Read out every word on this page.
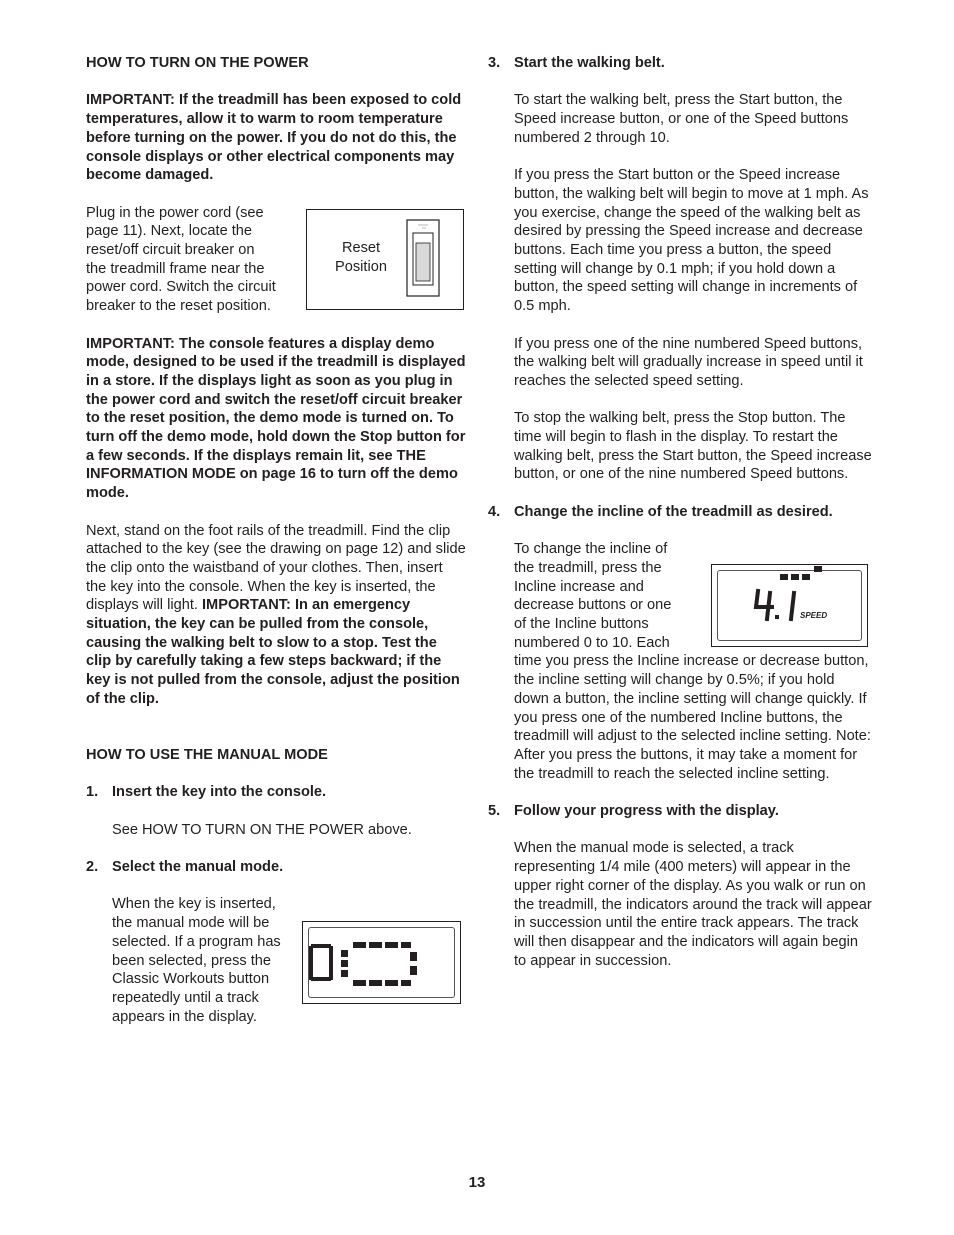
HOW TO TURN ON THE POWER

IMPORTANT: If the treadmill has been exposed to cold temperatures, allow it to warm to room temperature before turning on the power. If you do not do this, the console displays or other electrical components may become damaged.

Plug in the power cord (see page 11). Next, locate the reset/off circuit breaker on the treadmill frame near the power cord. Switch the circuit breaker to the reset position.

IMPORTANT: The console features a display demo mode, designed to be used if the treadmill is displayed in a store. If the displays light as soon as you plug in the power cord and switch the reset/off circuit breaker to the reset position, the demo mode is turned on. To turn off the demo mode, hold down the Stop button for a few seconds. If the displays remain lit, see THE INFORMATION MODE on page 16 to turn off the demo mode.

Next, stand on the foot rails of the treadmill. Find the clip attached to the key (see the drawing on page 12) and slide the clip onto the waistband of your clothes. Then, insert the key into the console. When the key is inserted, the displays will light. IMPORTANT: In an emergency situation, the key can be pulled from the console, causing the walking belt to slow to a stop. Test the clip by carefully taking a few steps backward; if the key is not pulled from the console, adjust the position of the clip.

HOW TO USE THE MANUAL MODE

1. Insert the key into the console.

See HOW TO TURN ON THE POWER above.

2. Select the manual mode.

When the key is inserted, the manual mode will be selected. If a program has been selected, press the Classic Workouts button repeatedly until a track appears in the display.

3. Start the walking belt.

To start the walking belt, press the Start button, the Speed increase button, or one of the Speed buttons numbered 2 through 10.

If you press the Start button or the Speed increase button, the walking belt will begin to move at 1 mph. As you exercise, change the speed of the walking belt as desired by pressing the Speed increase and decrease buttons. Each time you press a button, the speed setting will change by 0.1 mph; if you hold down a button, the speed setting will change in increments of 0.5 mph.

If you press one of the nine numbered Speed buttons, the walking belt will gradually increase in speed until it reaches the selected speed setting.

To stop the walking belt, press the Stop button. The time will begin to flash in the display. To restart the walking belt, press the Start button, the Speed increase button, or one of the nine numbered Speed buttons.

4. Change the incline of the treadmill as desired.

To change the incline of the treadmill, press the Incline increase and decrease buttons or one of the Incline buttons numbered 0 to 10. Each time you press the Incline increase or decrease button, the incline setting will change by 0.5%; if you hold down a button, the incline setting will change quickly. If you press one of the numbered Incline buttons, the treadmill will adjust to the selected incline setting. Note: After you press the buttons, it may take a moment for the treadmill to reach the selected incline setting.

5. Follow your progress with the display.

When the manual mode is selected, a track representing 1/4 mile (400 meters) will appear in the upper right corner of the display. As you walk or run on the treadmill, the indicators around the track will appear in succession until the entire track appears. The track will then disappear and the indicators will again begin to appear in succession.

Reset Position
SPEED
13
